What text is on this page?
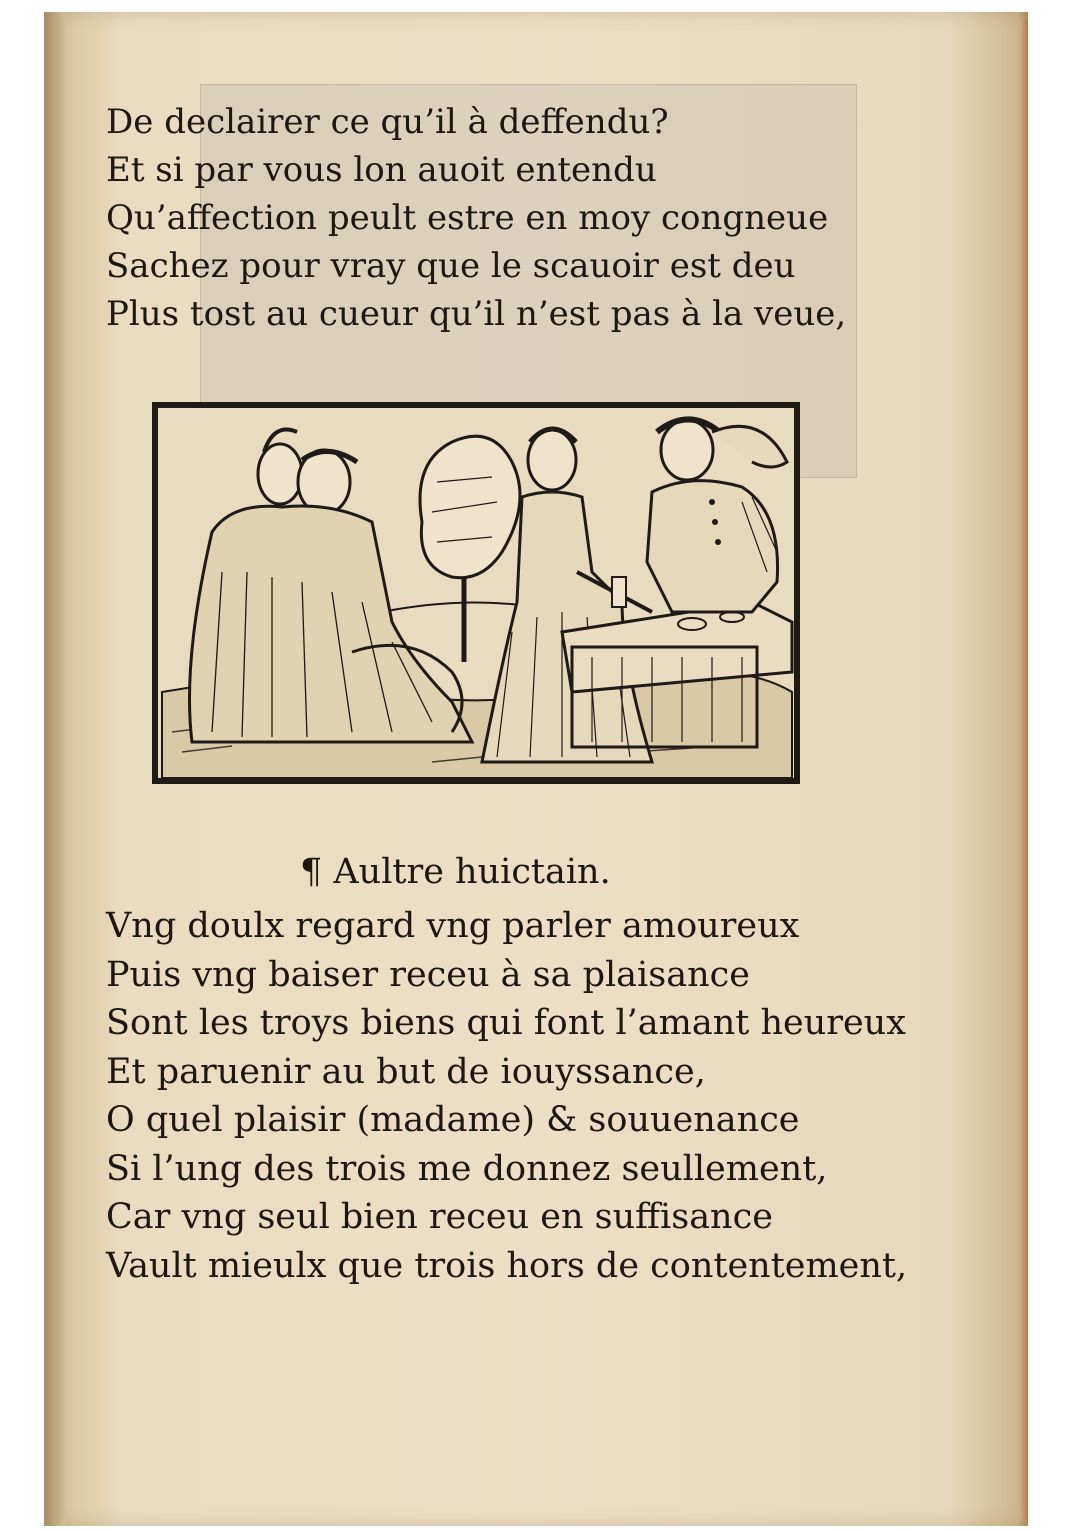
De declairer ce qu’il à deffendu?
Et si par vous lon auoit entendu
Qu’affection peult estre en moy congneue
Sachez pour vray que le scauoir est deu
Plus tost au cueur qu’il n’est pas à la veue,
¶ Aultre huictain.
Vng doulx regard vng parler amoureux
Puis vng baiser receu à sa plaisance
Sont les troys biens qui font l’amant heureux
Et paruenir au but de iouyssance,
O quel plaisir (madame) & souuenance
Si l’ung des trois me donnez seullement,
Car vng seul bien receu en suffisance
Vault mieulx que trois hors de contentement,
